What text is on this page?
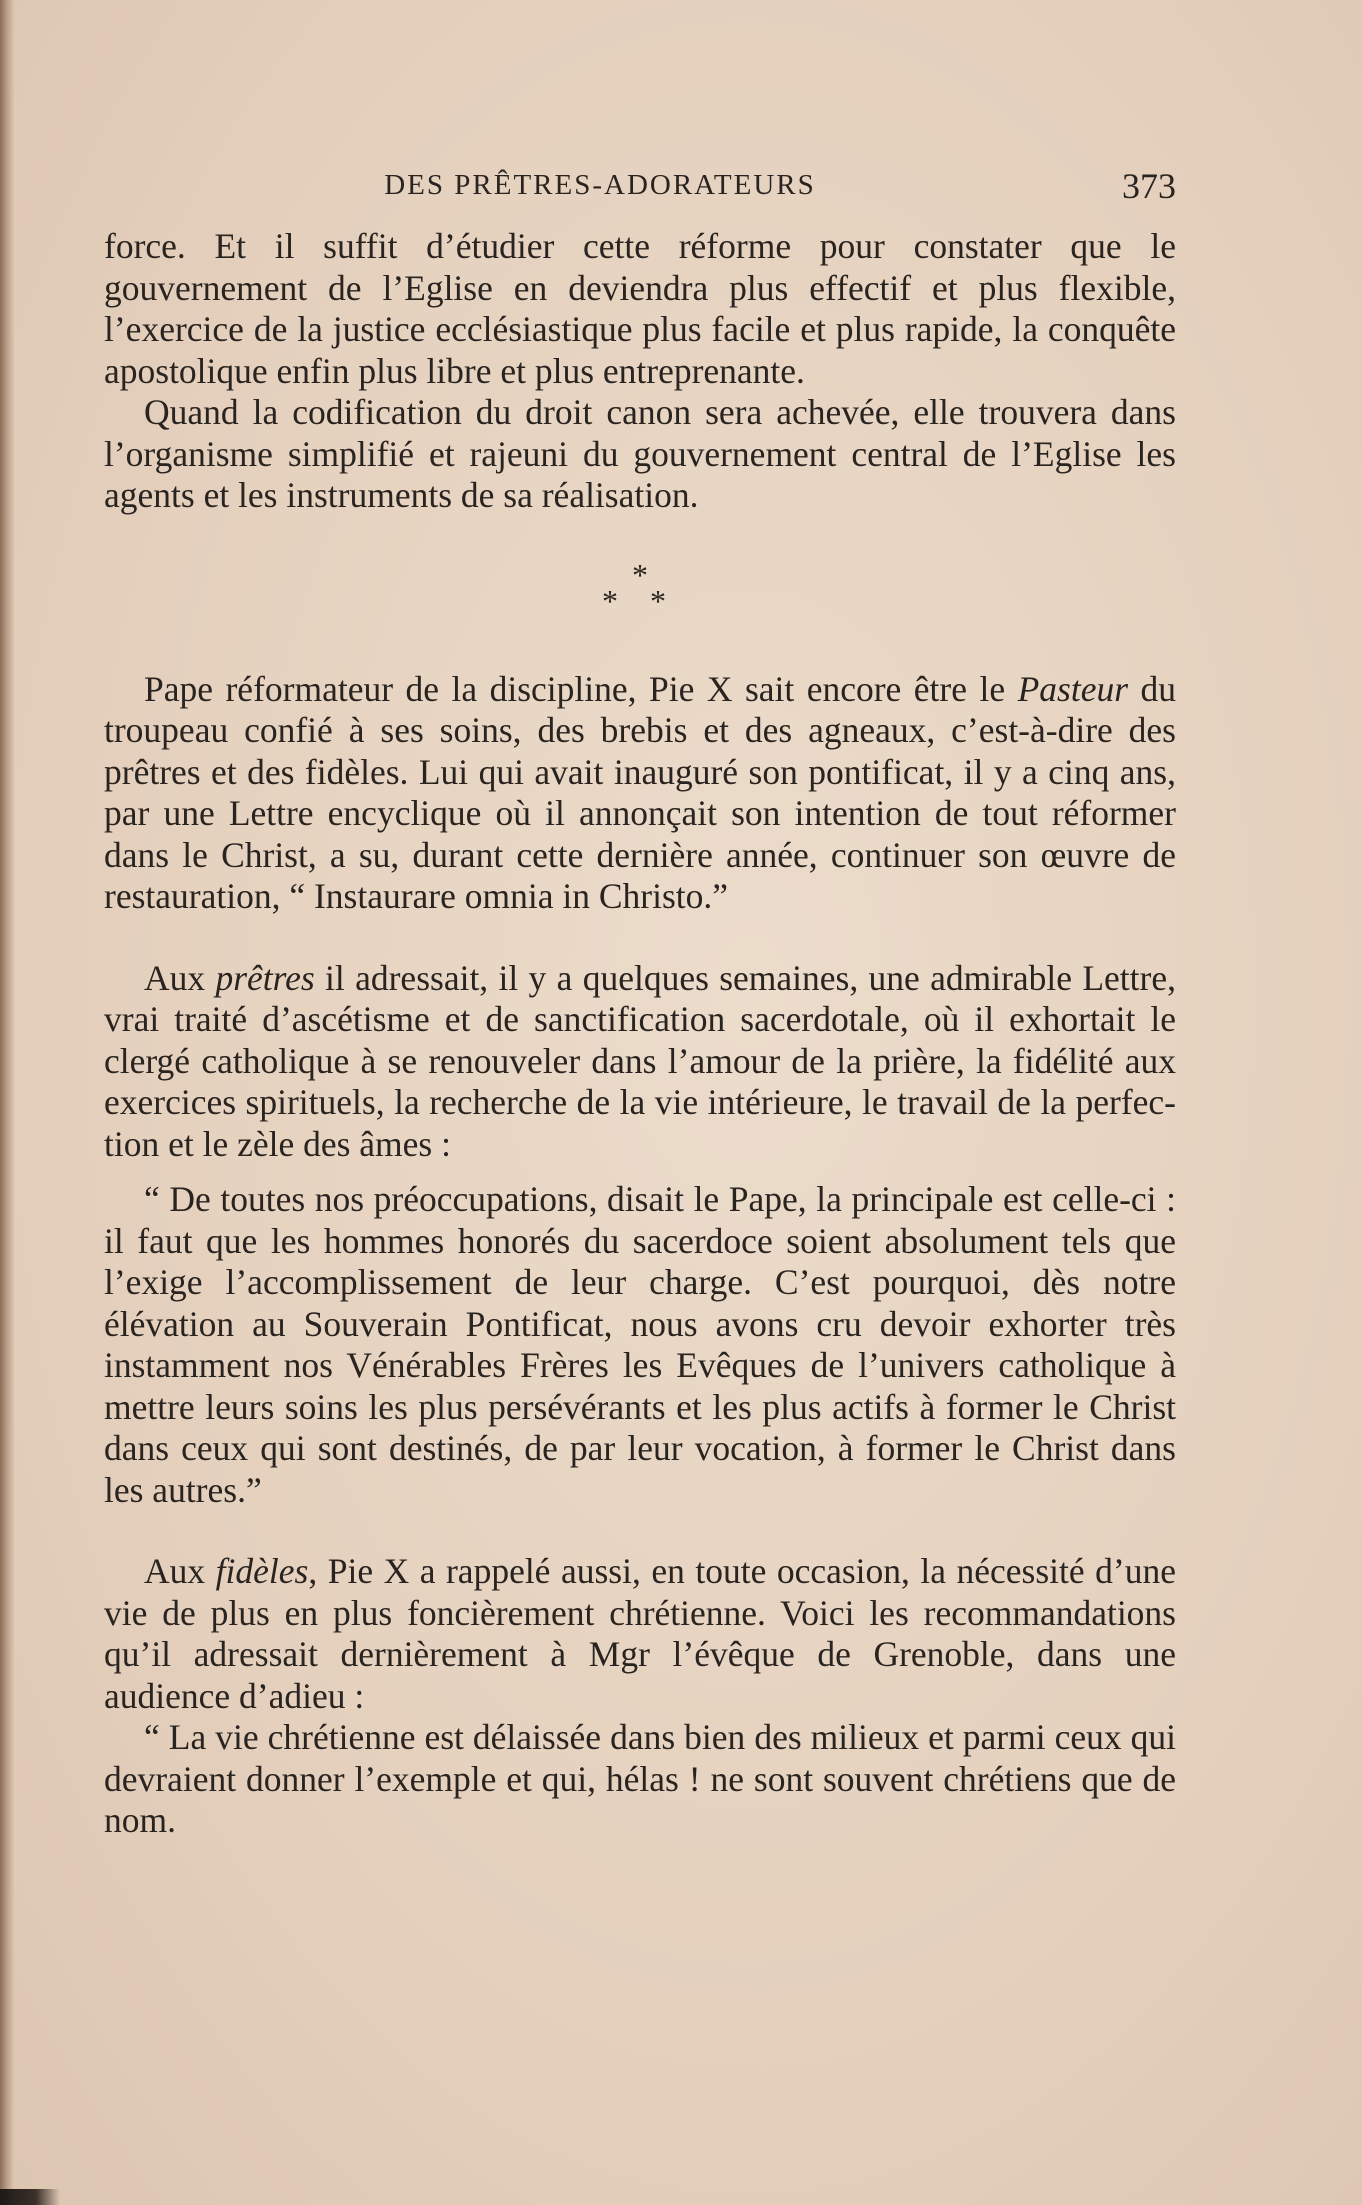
DES PRÊTRES-ADORATEURS	373

force. Et il suffit d’étudier cette réforme pour constater que le gouvernement de l’Eglise en deviendra plus effectif et plus flexible, l’exercice de la justice ecclésiastique plus facile et plus rapide, la conquête apostolique enfin plus libre et plus entreprenante.

Quand la codification du droit canon sera achevée, elle trouvera dans l’organisme simplifié et rajeuni du gouvernement central de l’Eglise les agents et les instruments de sa réalisation.

*
* *

Pape réformateur de la discipline, Pie X sait encore être le Pasteur du troupeau confié à ses soins, des brebis et des agneaux, c’est-à-dire des prêtres et des fidèles. Lui qui avait inauguré son pontificat, il y a cinq ans, par une Lettre encyclique où il annonçait son intention de tout réformer dans le Christ, a su, durant cette dernière année, continuer son œuvre de restauration, “ Instaurare omnia in Christo.”

Aux prêtres il adressait, il y a quelques semaines, une admirable Lettre, vrai traité d’ascétisme et de sanctification sacerdotale, où il exhortait le clergé catholique à se renouveler dans l’amour de la prière, la fidélité aux exercices spirituels, la recherche de la vie intérieure, le travail de la perfection et le zèle des âmes :

“ De toutes nos préoccupations, disait le Pape, la principale est celle-ci : il faut que les hommes honorés du sacerdoce soient absolument tels que l’exige l’accomplissement de leur charge. C’est pourquoi, dès notre élévation au Souverain Pontificat, nous avons cru devoir exhorter très instamment nos Vénérables Frères les Evêques de l’univers catholique à mettre leurs soins les plus persévérants et les plus actifs à former le Christ dans ceux qui sont destinés, de par leur vocation, à former le Christ dans les autres.”

Aux fidèles, Pie X a rappelé aussi, en toute occasion, la nécessité d’une vie de plus en plus foncièrement chrétienne. Voici les recommandations qu’il adressait dernièrement à Mgr l’évêque de Grenoble, dans une audience d’adieu :

“ La vie chrétienne est délaissée dans bien des milieux et parmi ceux qui devraient donner l’exemple et qui, hélas ! ne sont souvent chrétiens que de nom.
